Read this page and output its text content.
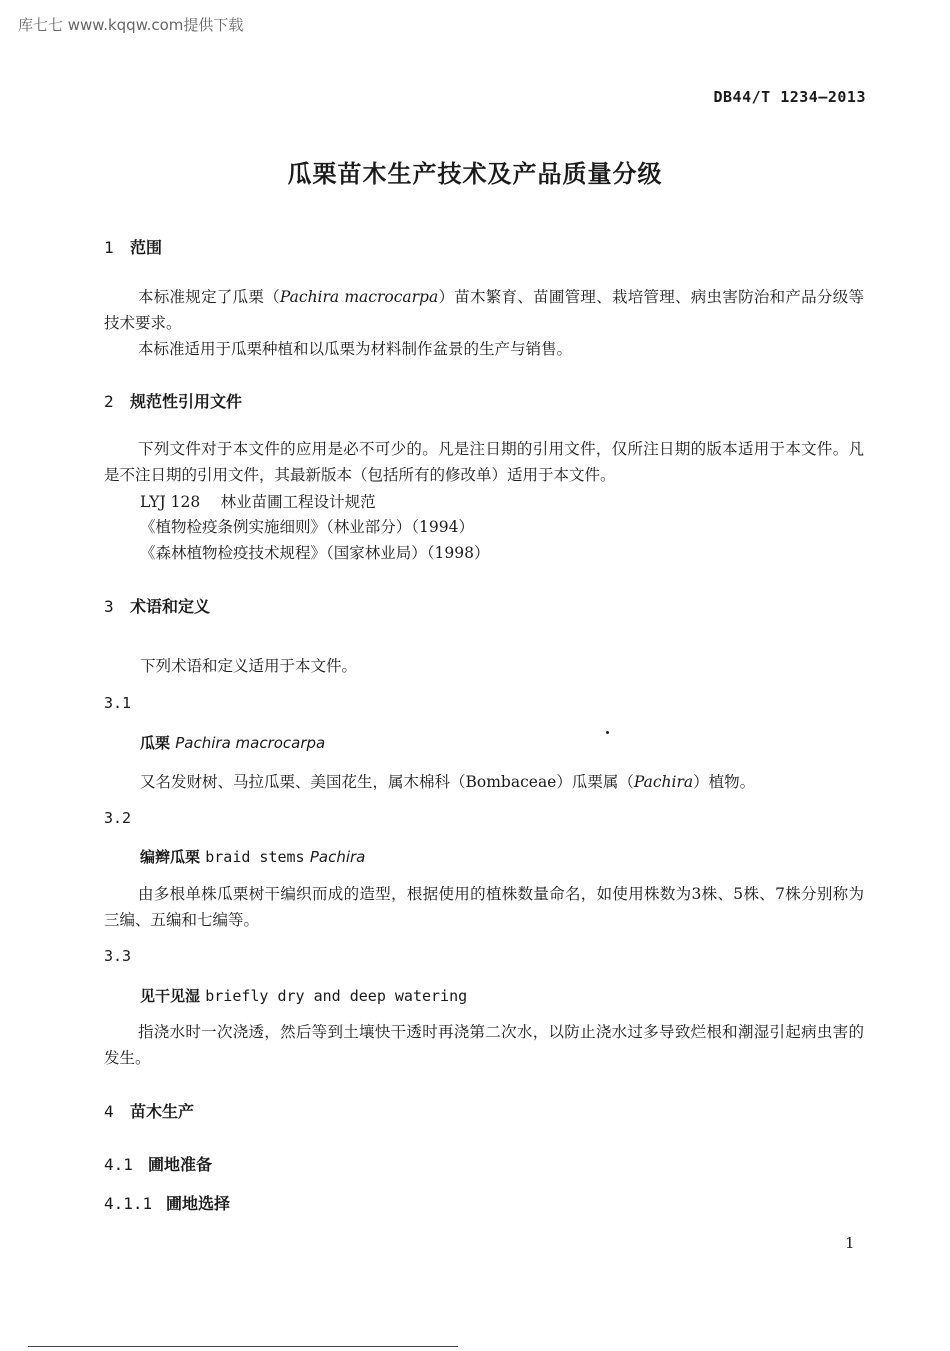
库七七 www.kqqw.com提供下载
DB44/T 1234—2013
瓜栗苗木生产技术及产品质量分级
1 范围
本标准规定了瓜栗（Pachira macrocarpa）苗木繁育、苗圃管理、栽培管理、病虫害防治和产品分级等技术要求。
本标准适用于瓜栗种植和以瓜栗为材料制作盆景的生产与销售。
2 规范性引用文件
下列文件对于本文件的应用是必不可少的。凡是注日期的引用文件，仅所注日期的版本适用于本文件。凡是不注日期的引用文件，其最新版本（包括所有的修改单）适用于本文件。
LYJ 128　 林业苗圃工程设计规范
《植物检疫条例实施细则》（林业部分）（1994）
《森林植物检疫技术规程》（国家林业局）（1998）
3 术语和定义
下列术语和定义适用于本文件。
3.1
瓜栗 Pachira macrocarpa
又名发财树、马拉瓜栗、美国花生，属木棉科（Bombaceae）瓜栗属（Pachira）植物。
3.2
编辫瓜栗 braid stems Pachira
由多根单株瓜栗树干编织而成的造型，根据使用的植株数量命名，如使用株数为3株、5株、7株分别称为三编、五编和七编等。
3.3
见干见湿 briefly dry and deep watering
指浇水时一次浇透，然后等到土壤快干透时再浇第二次水，以防止浇水过多导致烂根和潮湿引起病虫害的发生。
4 苗木生产
4.1 圃地准备
4.1.1 圃地选择
1
